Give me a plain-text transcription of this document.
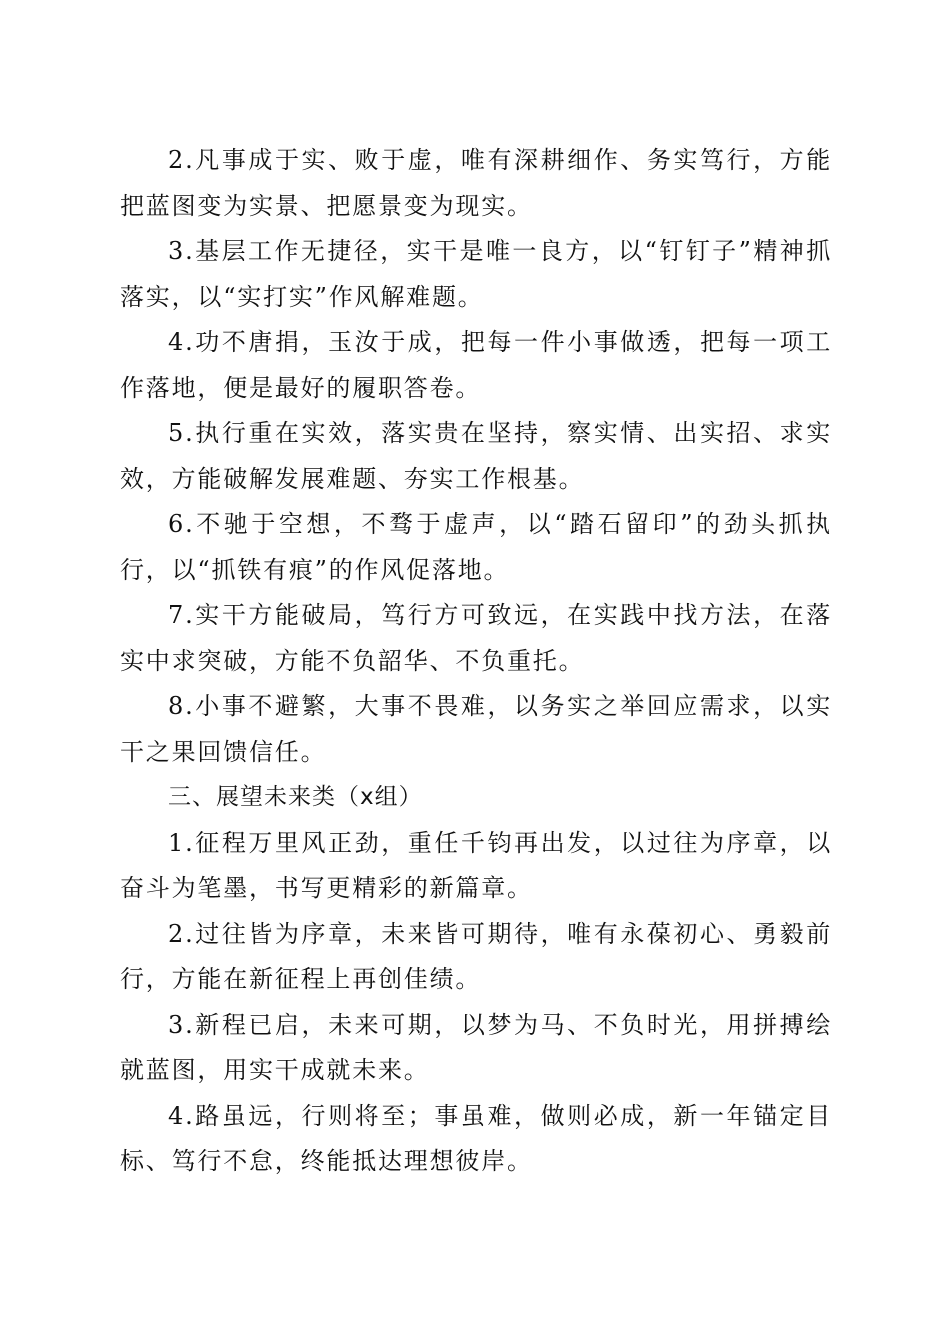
2.凡事成于实、败于虚，唯有深耕细作、务实笃行，方能把蓝图变为实景、把愿景变为现实。

3.基层工作无捷径，实干是唯一良方，以“钉钉子”精神抓落实，以“实打实”作风解难题。

4.功不唐捐，玉汝于成，把每一件小事做透，把每一项工作落地，便是最好的履职答卷。

5.执行重在实效，落实贵在坚持，察实情、出实招、求实效，方能破解发展难题、夯实工作根基。

6.不驰于空想，不骛于虚声，以“踏石留印”的劲头抓执行，以“抓铁有痕”的作风促落地。

7.实干方能破局，笃行方可致远，在实践中找方法，在落实中求突破，方能不负韶华、不负重托。

8.小事不避繁，大事不畏难，以务实之举回应需求，以实干之果回馈信任。

三、展望未来类（x组）

1.征程万里风正劲，重任千钧再出发，以过往为序章，以奋斗为笔墨，书写更精彩的新篇章。

2.过往皆为序章，未来皆可期待，唯有永葆初心、勇毅前行，方能在新征程上再创佳绩。

3.新程已启，未来可期，以梦为马、不负时光，用拼搏绘就蓝图，用实干成就未来。

4.路虽远，行则将至；事虽难，做则必成，新一年锚定目标、笃行不怠，终能抵达理想彼岸。
